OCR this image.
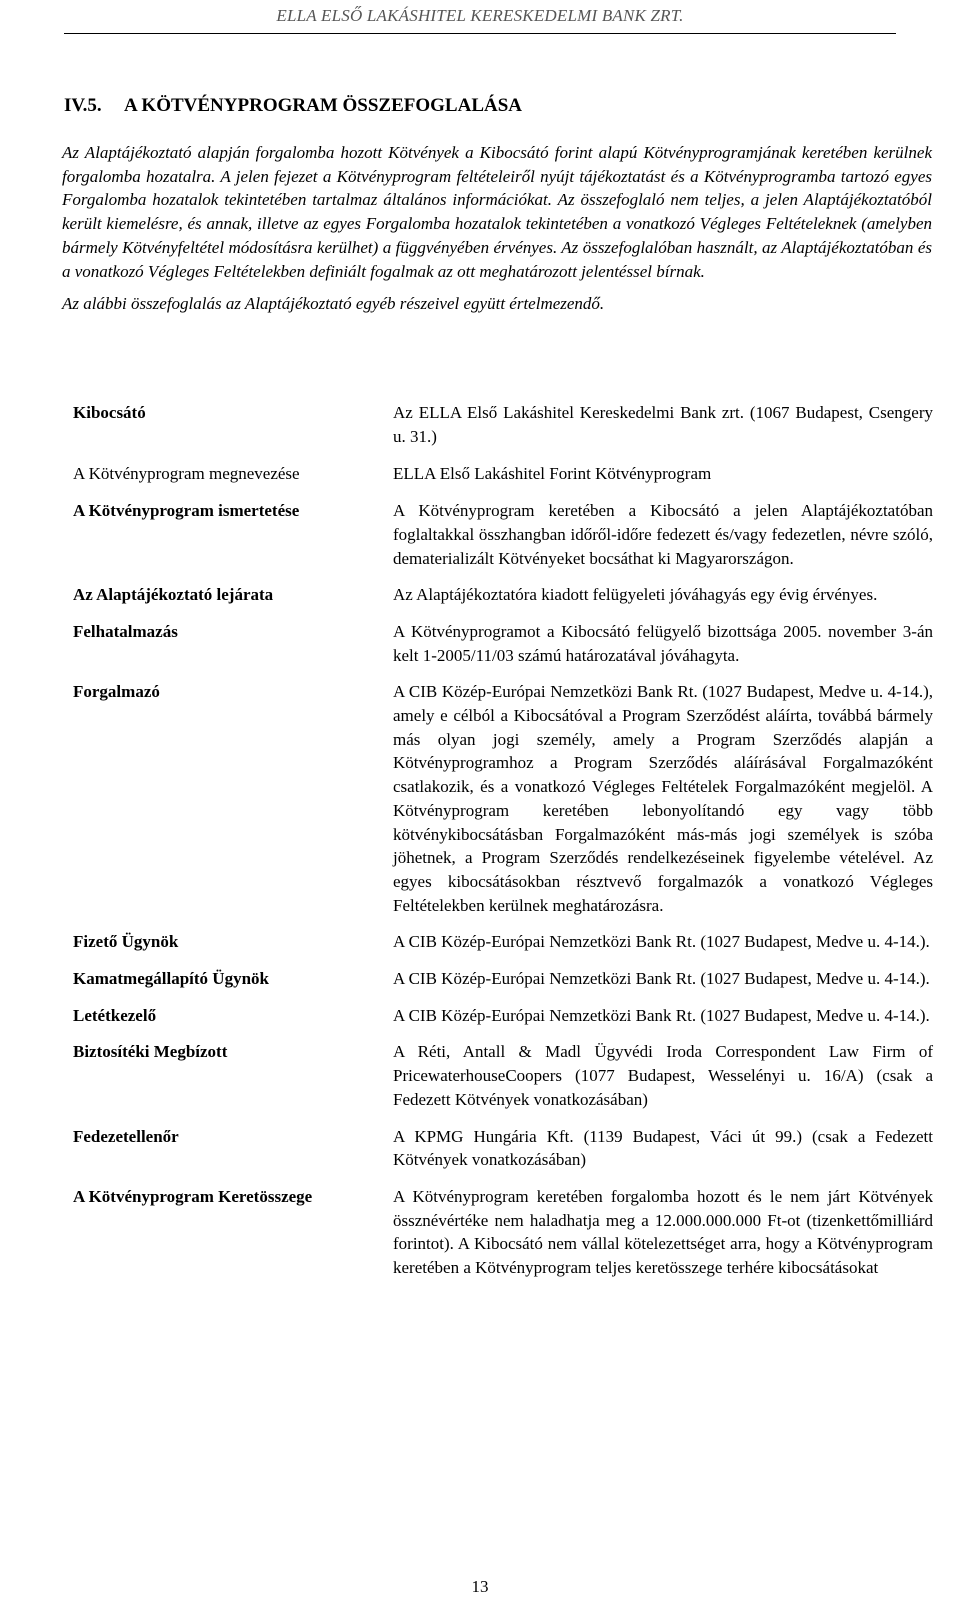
ELLA ELSŐ LAKÁSHITEL KERESKEDELMI BANK ZRT.
IV.5. A KÖTVÉNYPROGRAM ÖSSZEFOGLALÁSA

Az Alaptájékoztató alapján forgalomba hozott Kötvények a Kibocsátó forint alapú Kötvényprogramjának keretében kerülnek forgalomba hozatalra. A jelen fejezet a Kötvényprogram feltételeiről nyújt tájékoztatást és a Kötvényprogramba tartozó egyes Forgalomba hozatalok tekintetében tartalmaz általános információkat. Az összefoglaló nem teljes, a jelen Alaptájékoztatóból került kiemelésre, és annak, illetve az egyes Forgalomba hozatalok tekintetében a vonatkozó Végleges Feltételeknek (amelyben bármely Kötvényfeltétel módosításra kerülhet) a függvényében érvényes. Az összefoglalóban használt, az Alaptájékoztatóban és a vonatkozó Végleges Feltételekben definiált fogalmak az ott meghatározott jelentéssel bírnak.

Az alábbi összefoglalás az Alaptájékoztató egyéb részeivel együtt értelmezendő.

Kibocsátó	Az ELLA Első Lakáshitel Kereskedelmi Bank zrt. (1067 Budapest, Csengery u. 31.)
A Kötvényprogram megnevezése	ELLA Első Lakáshitel Forint Kötvényprogram
A Kötvényprogram ismertetése	A Kötvényprogram keretében a Kibocsátó a jelen Alaptájékoztatóban foglaltakkal összhangban időről-időre fedezett és/vagy fedezetlen, névre szóló, dematerializált Kötvényeket bocsáthat ki Magyarországon.
Az Alaptájékoztató lejárata	Az Alaptájékoztatóra kiadott felügyeleti jóváhagyás egy évig érvényes.
Felhatalmazás	A Kötvényprogramot a Kibocsátó felügyelő bizottsága 2005. november 3-án kelt 1-2005/11/03 számú határozatával jóváhagyta.
Forgalmazó	A CIB Közép-Európai Nemzetközi Bank Rt. (1027 Budapest, Medve u. 4-14.), amely e célból a Kibocsátóval a Program Szerződést aláírta, továbbá bármely más olyan jogi személy, amely a Program Szerződés alapján a Kötvényprogramhoz a Program Szerződés aláírásával Forgalmazóként csatlakozik, és a vonatkozó Végleges Feltételek Forgalmazóként megjelöl. A Kötvényprogram keretében lebonyolítandó egy vagy több kötvénykibocsátásban Forgalmazóként más-más jogi személyek is szóba jöhetnek, a Program Szerződés rendelkezéseinek figyelembe vételével. Az egyes kibocsátásokban résztvevő forgalmazók a vonatkozó Végleges Feltételekben kerülnek meghatározásra.
Fizető Ügynök	A CIB Közép-Európai Nemzetközi Bank Rt. (1027 Budapest, Medve u. 4-14.).
Kamatmegállapító Ügynök	A CIB Közép-Európai Nemzetközi Bank Rt. (1027 Budapest, Medve u. 4-14.).
Letétkezelő	A CIB Közép-Európai Nemzetközi Bank Rt. (1027 Budapest, Medve u. 4-14.).
Biztosítéki Megbízott	A Réti, Antall & Madl Ügyvédi Iroda Correspondent Law Firm of PricewaterhouseCoopers (1077 Budapest, Wesselényi u. 16/A) (csak a Fedezett Kötvények vonatkozásában)
Fedezetellenőr	A KPMG Hungária Kft. (1139 Budapest, Váci út 99.) (csak a Fedezett Kötvények vonatkozásában)
A Kötvényprogram Keretösszege	A Kötvényprogram keretében forgalomba hozott és le nem járt Kötvények össznévértéke nem haladhatja meg a 12.000.000.000 Ft-ot (tizenkettőmilliárd forintot). A Kibocsátó nem vállal kötelezettséget arra, hogy a Kötvényprogram keretében a Kötvényprogram teljes keretösszege terhére kibocsátásokat
13
